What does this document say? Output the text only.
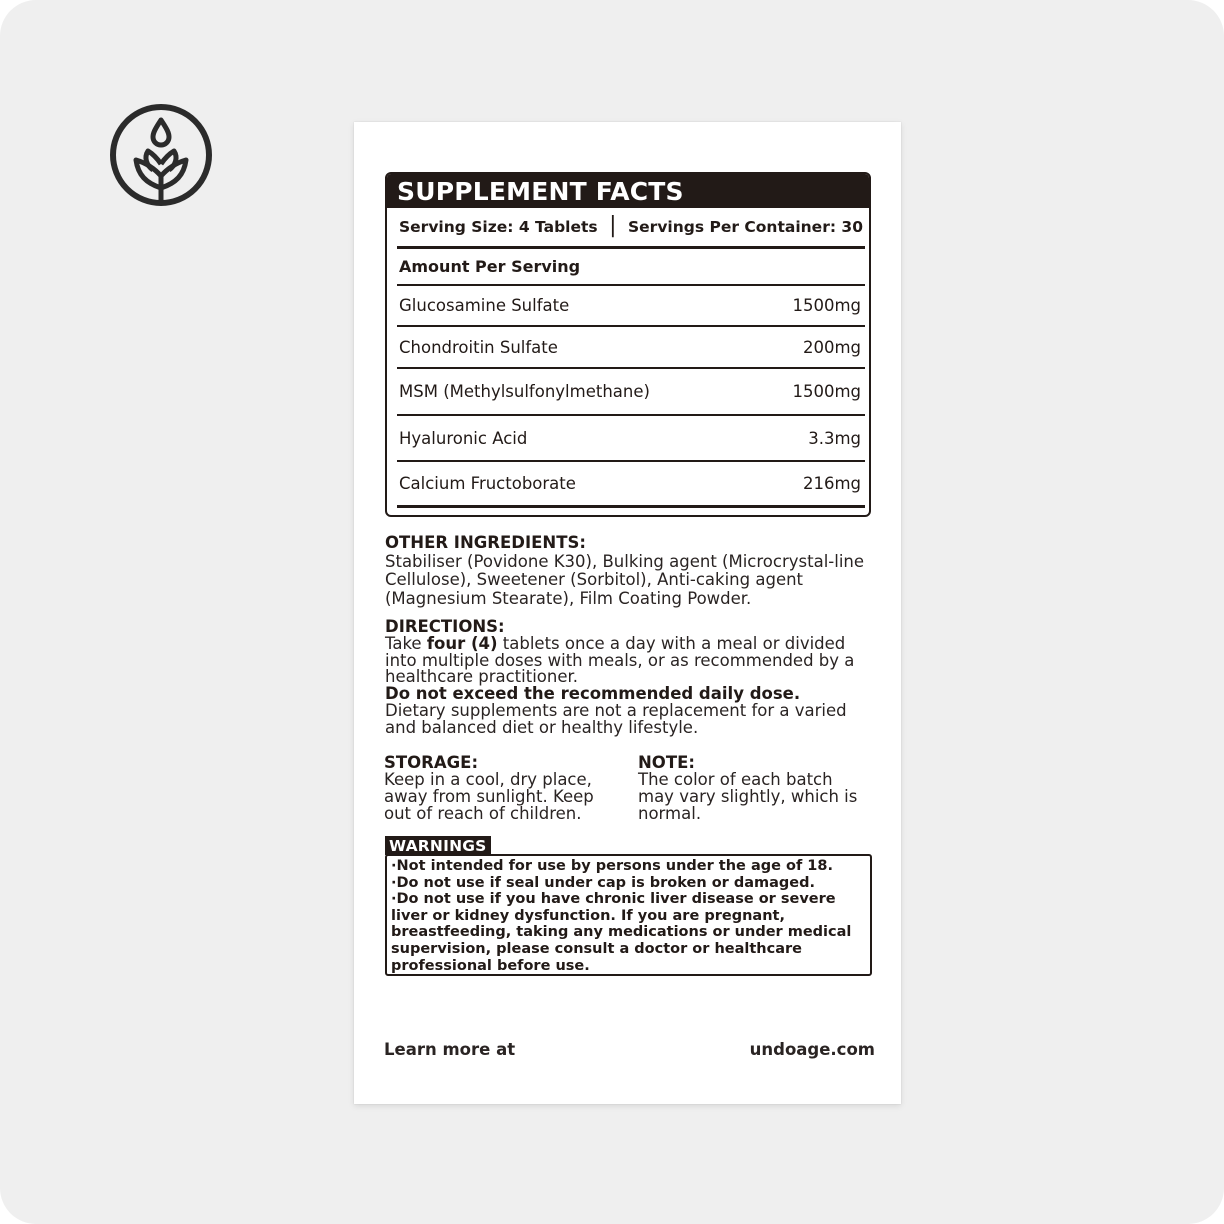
SUPPLEMENT FACTS
Serving Size: 4 Tablets | Servings Per Container: 30
Amount Per Serving
Glucosamine Sulfate	1500mg
Chondroitin Sulfate	200mg
MSM (Methylsulfonylmethane)	1500mg
Hyaluronic Acid	3.3mg
Calcium Fructoborate	216mg
OTHER INGREDIENTS:
Stabiliser (Povidone K30), Bulking agent (Microcrystal-line Cellulose), Sweetener (Sorbitol), Anti-caking agent (Magnesium Stearate), Film Coating Powder.
DIRECTIONS:
Take four (4) tablets once a day with a meal or divided into multiple doses with meals, or as recommended by a healthcare practitioner.
Do not exceed the recommended daily dose.
Dietary supplements are not a replacement for a varied and balanced diet or healthy lifestyle.
STORAGE:
Keep in a cool, dry place, away from sunlight. Keep out of reach of children.
NOTE:
The color of each batch may vary slightly, which is normal.
WARNINGS
·Not intended for use by persons under the age of 18.
·Do not use if seal under cap is broken or damaged.
·Do not use if you have chronic liver disease or severe
liver or kidney dysfunction. If you are pregnant,
breastfeeding, taking any medications or under medical
supervision, please consult a doctor or healthcare
professional before use.
Learn more at	undoage.com
